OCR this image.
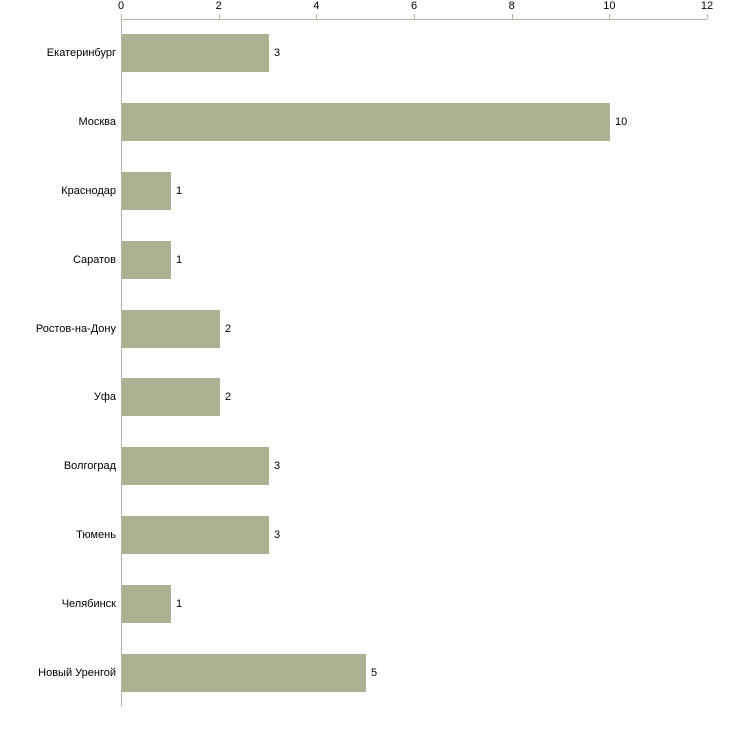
0	2	4	6	8	10	12
Екатеринбург	3
Москва	10
Краснодар	1
Саратов	1
Ростов-на-Дону	2
Уфа	2
Волгоград	3
Тюмень	3
Челябинск	1
Новый Уренгой	5
